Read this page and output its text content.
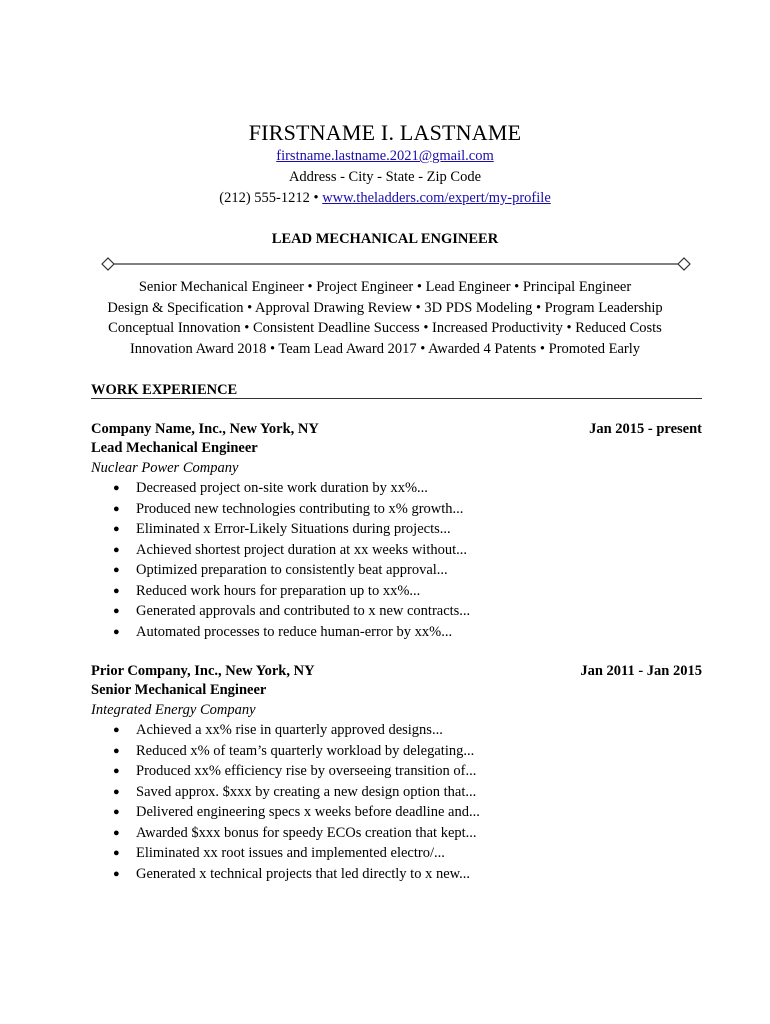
FIRSTNAME I. LASTNAME
firstname.lastname.2021@gmail.com
Address - City - State - Zip Code
(212) 555-1212 • www.theladders.com/expert/my-profile
LEAD MECHANICAL ENGINEER
Senior Mechanical Engineer • Project Engineer • Lead Engineer • Principal Engineer
Design & Specification • Approval Drawing Review • 3D PDS Modeling • Program Leadership
Conceptual Innovation • Consistent Deadline Success • Increased Productivity • Reduced Costs
Innovation Award 2018 • Team Lead Award 2017 • Awarded 4 Patents • Promoted Early
WORK EXPERIENCE
Company Name, Inc., New York, NY	Jan 2015 - present
Lead Mechanical Engineer
Nuclear Power Company
● Decreased project on-site work duration by xx%...
● Produced new technologies contributing to x% growth...
● Eliminated x Error-Likely Situations during projects...
● Achieved shortest project duration at xx weeks without...
● Optimized preparation to consistently beat approval...
● Reduced work hours for preparation up to xx%...
● Generated approvals and contributed to x new contracts...
● Automated processes to reduce human-error by xx%...
Prior Company, Inc., New York, NY	Jan 2011 - Jan 2015
Senior Mechanical Engineer
Integrated Energy Company
● Achieved a xx% rise in quarterly approved designs...
● Reduced x% of team’s quarterly workload by delegating...
● Produced xx% efficiency rise by overseeing transition of...
● Saved approx. $xxx by creating a new design option that...
● Delivered engineering specs x weeks before deadline and...
● Awarded $xxx bonus for speedy ECOs creation that kept...
● Eliminated xx root issues and implemented electro/...
● Generated x technical projects that led directly to x new...
